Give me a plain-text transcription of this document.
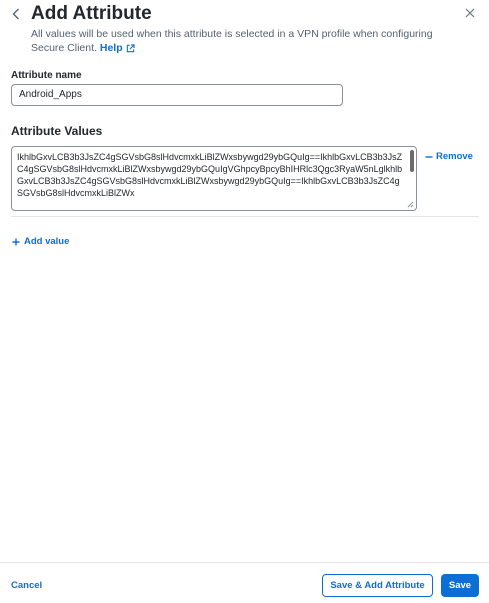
Add Attribute
All values will be used when this attribute is selected in a VPN profile when configuring Secure Client. Help
Attribute name
Android_Apps
Attribute Values
IkhlbGxvLCB3b3JsZC4gSGVsbG8slHdvcmxkLiBlZWxsbywgd29ybGQuIg==IkhlbGxvLCB3b3JsZC4gSGVsbG8slHdvcmxkLiBlZWxsbywgd29ybGQuIgVGhpcyBpcyBhIHRlc3Qgc3RyaW5nLglkhlbGxvLCB3b3JsZC4gSGVsbG8slHdvcmxkLiBlZWxsbywgd29ybGQuIg==IkhlbGxvLCB3b3JsZC4gSGVsbG8slHdvcmxkLiBlZWx
Remove
Add value
Cancel	Save & Add Attribute	Save
